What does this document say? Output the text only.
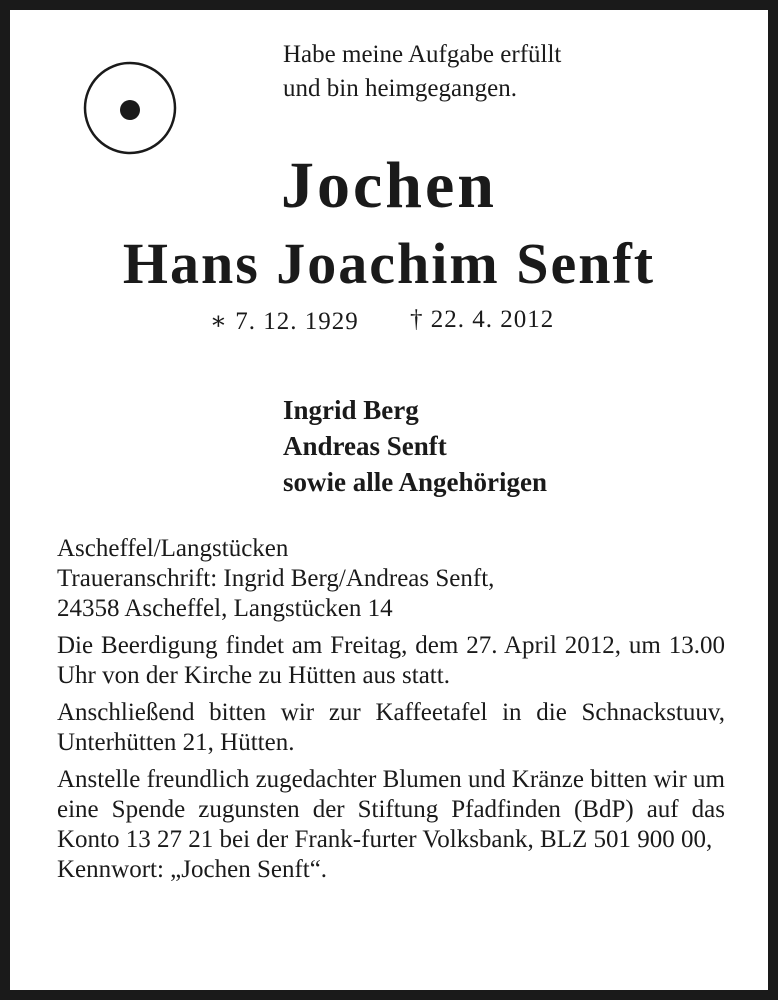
Habe meine Aufgabe erfüllt
und bin heimgegangen.
Jochen
Hans Joachim Senft
∗ 7. 12. 1929 † 22. 4. 2012
Ingrid Berg
Andreas Senft
sowie alle Angehörigen

Ascheffel/Langstücken
Traueranschrift: Ingrid Berg/Andreas Senft,
24358 Ascheffel, Langstücken 14

Die Beerdigung findet am Freitag, dem 27. April 2012, um 13.00 Uhr von der Kirche zu Hütten aus statt.

Anschließend bitten wir zur Kaffeetafel in die Schnackstuuv, Unterhütten 21, Hütten.

Anstelle freundlich zugedachter Blumen und Kränze bitten wir um eine Spende zugunsten der Stiftung Pfadfinden (BdP) auf das Konto 13 27 21 bei der Frank-furter Volksbank, BLZ 501 900 00,
Kennwort: „Jochen Senft“.
